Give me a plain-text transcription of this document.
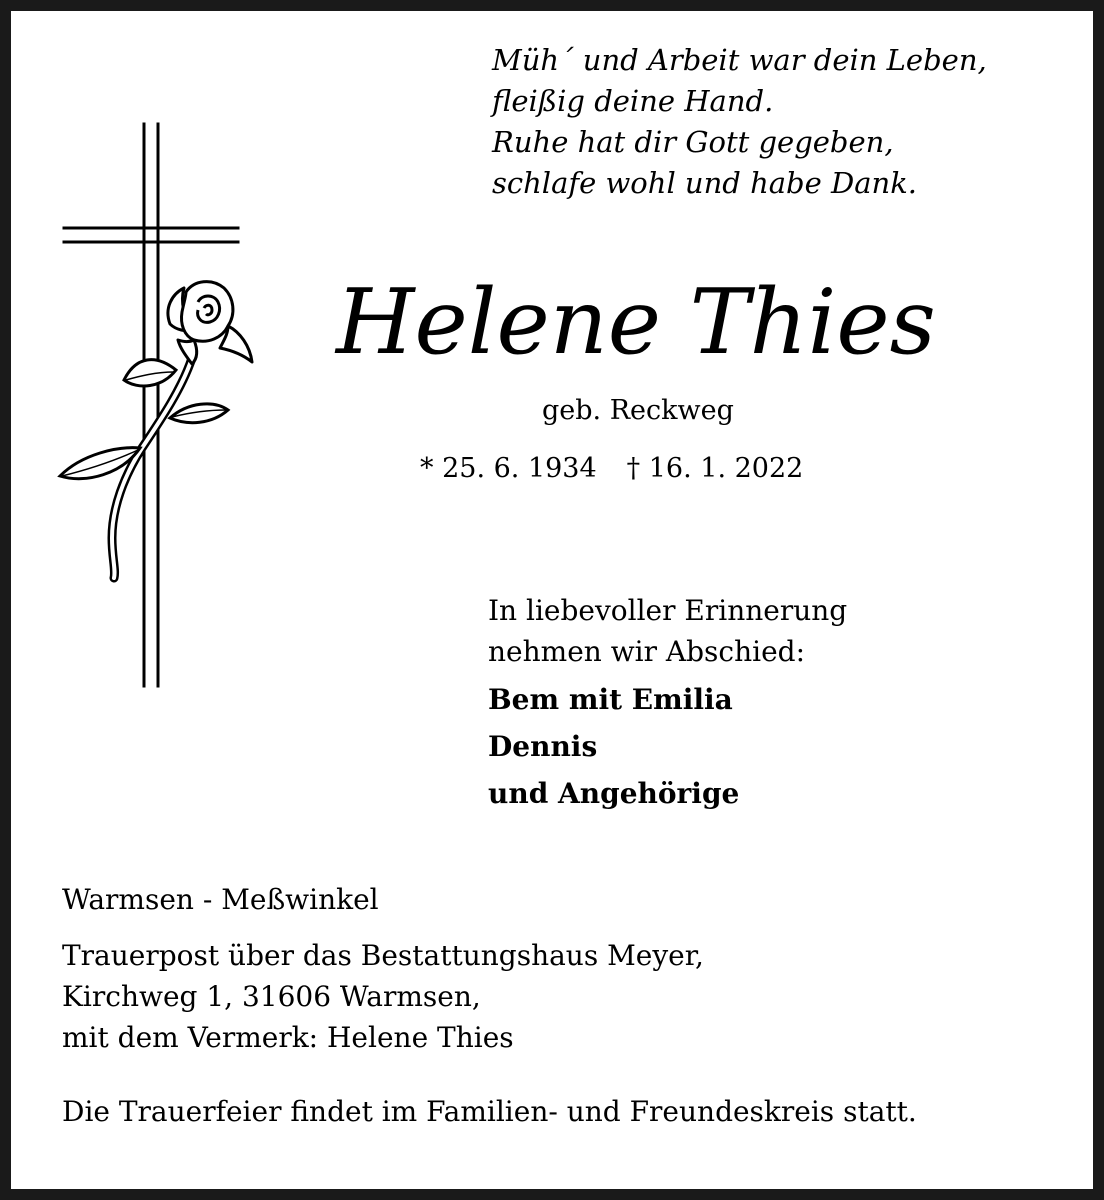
Müh´ und Arbeit war dein Leben,
fleißig deine Hand.
Ruhe hat dir Gott gegeben,
schlafe wohl und habe Dank.
Helene Thies
geb. Reckweg
* 25. 6. 1934 † 16. 1. 2022
In liebevoller Erinnerung
nehmen wir Abschied:
Bem mit Emilia
Dennis
und Angehörige
Warmsen - Meßwinkel
Trauerpost über das Bestattungshaus Meyer,
Kirchweg 1, 31606 Warmsen,
mit dem Vermerk: Helene Thies
Die Trauerfeier findet im Familien- und Freundeskreis statt.
